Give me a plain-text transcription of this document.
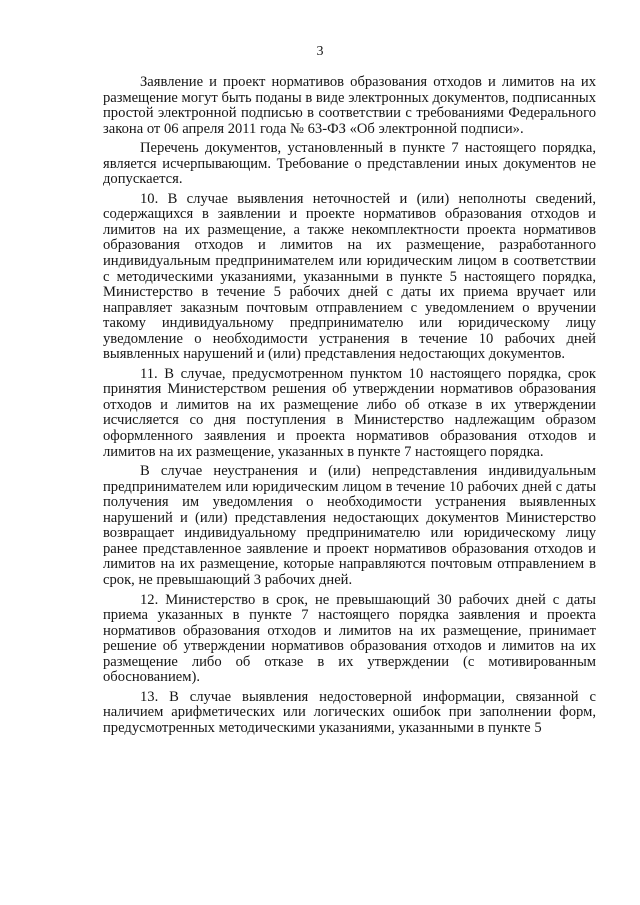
3

Заявление и проект нормативов образования отходов и лимитов на их размещение могут быть поданы в виде электронных документов, подписанных простой электронной подписью в соответствии с требованиями Федерального закона от 06 апреля 2011 года № 63-ФЗ «Об электронной подписи».

Перечень документов, установленный в пункте 7 настоящего порядка, является исчерпывающим. Требование о представлении иных документов не допускается.

10. В случае выявления неточностей и (или) неполноты сведений, содержащихся в заявлении и проекте нормативов образования отходов и лимитов на их размещение, а также некомплектности проекта нормативов образования отходов и лимитов на их размещение, разработанного индивидуальным предпринимателем или юридическим лицом в соответствии с методическими указаниями, указанными в пункте 5 настоящего порядка, Министерство в течение 5 рабочих дней с даты их приема вручает или направляет заказным почтовым отправлением с уведомлением о вручении такому индивидуальному предпринимателю или юридическому лицу уведомление о необходимости устранения в течение 10 рабочих дней выявленных нарушений и (или) представления недостающих документов.

11. В случае, предусмотренном пунктом 10 настоящего порядка, срок принятия Министерством решения об утверждении нормативов образования отходов и лимитов на их размещение либо об отказе в их утверждении исчисляется со дня поступления в Министерство надлежащим образом оформленного заявления и проекта нормативов образования отходов и лимитов на их размещение, указанных в пункте 7 настоящего порядка.

В случае неустранения и (или) непредставления индивидуальным предпринимателем или юридическим лицом в течение 10 рабочих дней с даты получения им уведомления о необходимости устранения выявленных нарушений и (или) представления недостающих документов Министерство возвращает индивидуальному предпринимателю или юридическому лицу ранее представленное заявление и проект нормативов образования отходов и лимитов на их размещение, которые направляются почтовым отправлением в срок, не превышающий 3 рабочих дней.

12. Министерство в срок, не превышающий 30 рабочих дней с даты приема указанных в пункте 7 настоящего порядка заявления и проекта нормативов образования отходов и лимитов на их размещение, принимает решение об утверждении нормативов образования отходов и лимитов на их размещение либо об отказе в их утверждении (с мотивированным обоснованием).

13. В случае выявления недостоверной информации, связанной с наличием арифметических или логических ошибок при заполнении форм, предусмотренных методическими указаниями, указанными в пункте 5
